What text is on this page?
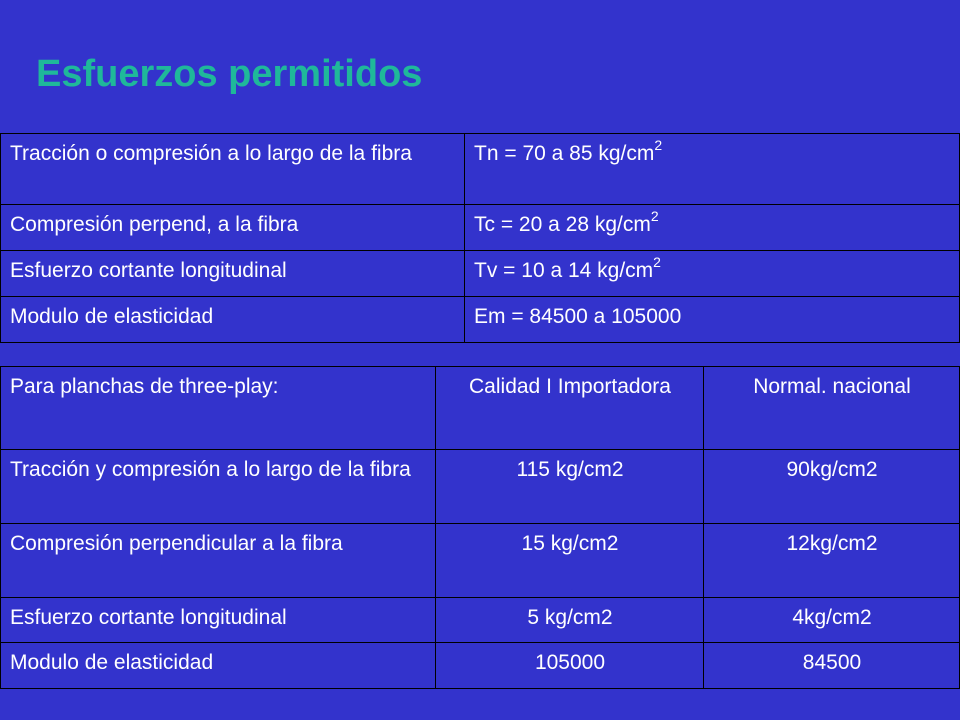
Esfuerzos permitidos
Tracción o compresión a lo largo de la fibra	Tn = 70 a 85 $kg/cm^2$
Compresión perpend, a la fibra	Tc = 20 a 28 $kg/cm^2$
Esfuerzo cortante longitudinal	Tv = 10 a 14 $kg/cm^2$
Modulo de elasticidad	Em = 84500 a 105000
Para planchas de three-play:	Calidad I Importadora	Normal. nacional
Tracción y compresión a lo largo de la fibra	115 kg/cm2	90kg/cm2
Compresión perpendicular a la fibra	15 kg/cm2	12kg/cm2
Esfuerzo cortante longitudinal	5 kg/cm2	4kg/cm2
Modulo de elasticidad	105000	84500
